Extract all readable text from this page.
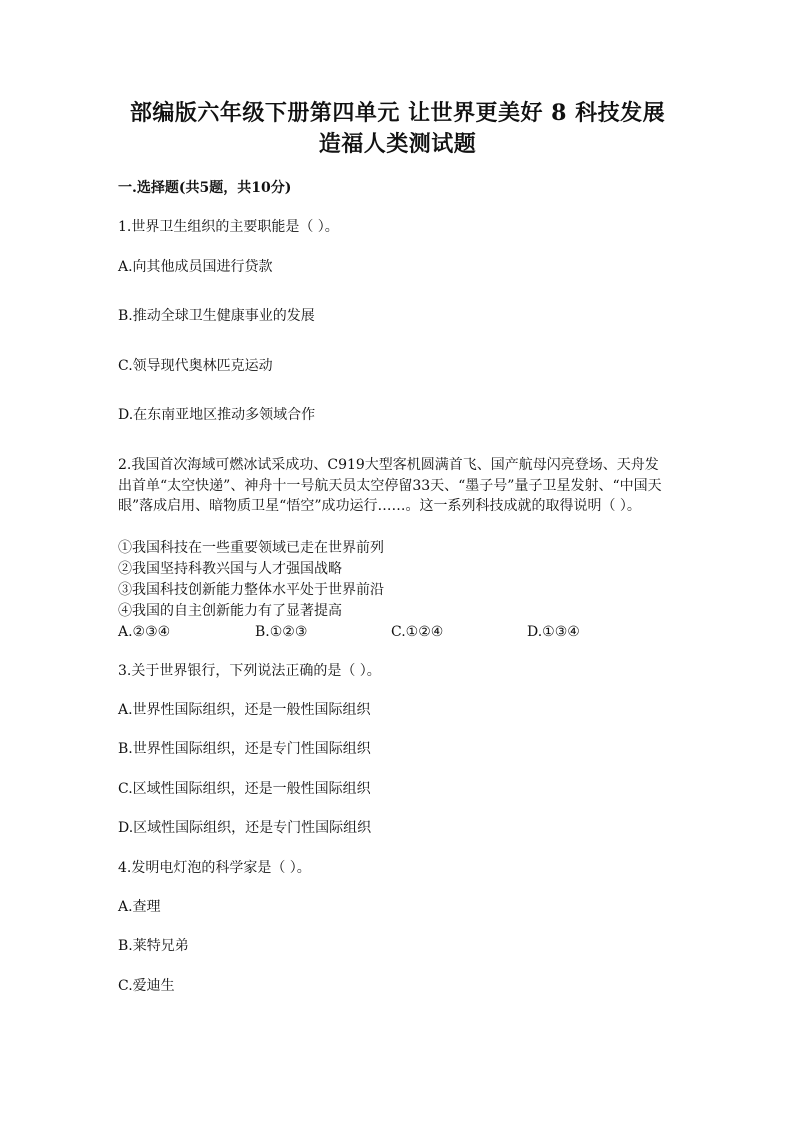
部编版六年级下册第四单元 让世界更美好 8 科技发展 造福人类测试题
一.选择题(共5题，共10分)
1.世界卫生组织的主要职能是（ ）。
A.向其他成员国进行贷款
B.推动全球卫生健康事业的发展
C.领导现代奥林匹克运动
D.在东南亚地区推动多领域合作
2.我国首次海域可燃冰试采成功、C919大型客机圆满首飞、国产航母闪亮登场、天舟发出首单“太空快递”、神舟十一号航天员太空停留33天、“墨子号”量子卫星发射、“中国天眼”落成启用、暗物质卫星“悟空”成功运行……。这一系列科技成就的取得说明（ ）。
①我国科技在一些重要领域已走在世界前列
②我国坚持科教兴国与人才强国战略
③我国科技创新能力整体水平处于世界前沿
④我国的自主创新能力有了显著提高
A.②③④	B.①②③	C.①②④	D.①③④
3.关于世界银行，下列说法正确的是（ ）。
A.世界性国际组织，还是一般性国际组织
B.世界性国际组织，还是专门性国际组织
C.区域性国际组织，还是一般性国际组织
D.区域性国际组织，还是专门性国际组织
4.发明电灯泡的科学家是（ ）。
A.查理
B.莱特兄弟
C.爱迪生
